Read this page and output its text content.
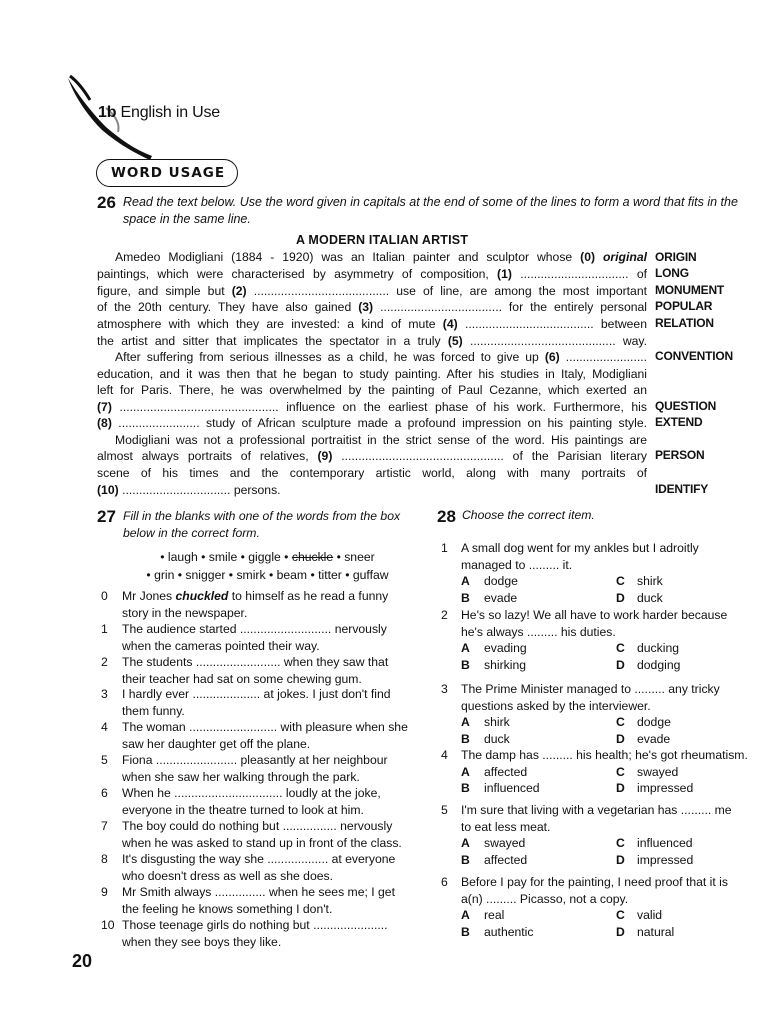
1b English in Use
WORD USAGE
26 Read the text below. Use the word given in capitals at the end of some of the lines to form a word that fits in the space in the same line.
A MODERN ITALIAN ARTIST
Amedeo Modigliani (1884 - 1920) was an Italian painter and sculptor whose (0) original
paintings, which were characterised by asymmetry of composition, (1) ................................ of
figure, and simple but (2) ........................................ use of line, are among the most important
of the 20th century. They have also gained (3) .................................... for the entirely personal
atmosphere with which they are invested: a kind of mute (4) ...................................... between
the artist and sitter that implicates the spectator in a truly (5) ........................................... way.
After suffering from serious illnesses as a child, he was forced to give up (6) ........................
education, and it was then that he began to study painting. After his studies in Italy, Modigliani
left for Paris. There, he was overwhelmed by the painting of Paul Cezanne, which exerted an
(7) ............................................... influence on the earliest phase of his work. Furthermore, his
(8) ........................ study of African sculpture made a profound impression on his painting style.
Modigliani was not a professional portraitist in the strict sense of the word. His paintings are
almost always portraits of relatives, (9) ................................................ of the Parisian literary
scene of his times and the contemporary artistic world, along with many portraits of
(10) ................................ persons.
ORIGIN
LONG
MONUMENT
POPULAR
RELATION
CONVENTION
QUESTION
EXTEND
PERSON
IDENTIFY
27 Fill in the blanks with one of the words from the box below in the correct form.
• laugh • smile • giggle • chuckle • sneer
• grin • snigger • smirk • beam • titter • guffaw
0 Mr Jones chuckled to himself as he read a funny story in the newspaper.
1 The audience started ........................... nervously when the cameras pointed their way.
2 The students ......................... when they saw that their teacher had sat on some chewing gum.
3 I hardly ever .................... at jokes. I just don't find them funny.
4 The woman .......................... with pleasure when she saw her daughter get off the plane.
5 Fiona ........................ pleasantly at her neighbour when she saw her walking through the park.
6 When he ................................ loudly at the joke, everyone in the theatre turned to look at him.
7 The boy could do nothing but ................ nervously when he was asked to stand up in front of the class.
8 It's disgusting the way she .................. at everyone who doesn't dress as well as she does.
9 Mr Smith always ............... when he sees me; I get the feeling he knows something I don't.
10 Those teenage girls do nothing but ...................... when they see boys they like.
28 Choose the correct item.
1 A small dog went for my ankles but I adroitly
managed to ......... it.
A dodge	C shirk
B evade	D duck
2 He's so lazy! We all have to work harder because
he's always ......... his duties.
A evading	C ducking
B shirking	D dodging
3 The Prime Minister managed to ......... any tricky
questions asked by the interviewer.
A shirk	C dodge
B duck	D evade
4 The damp has ......... his health; he's got rheumatism.
A affected	C swayed
B influenced	D impressed
5 I'm sure that living with a vegetarian has ......... me
to eat less meat.
A swayed	C influenced
B affected	D impressed
6 Before I pay for the painting, I need proof that it is
a(n) ......... Picasso, not a copy.
A real	C valid
B authentic	D natural
20
